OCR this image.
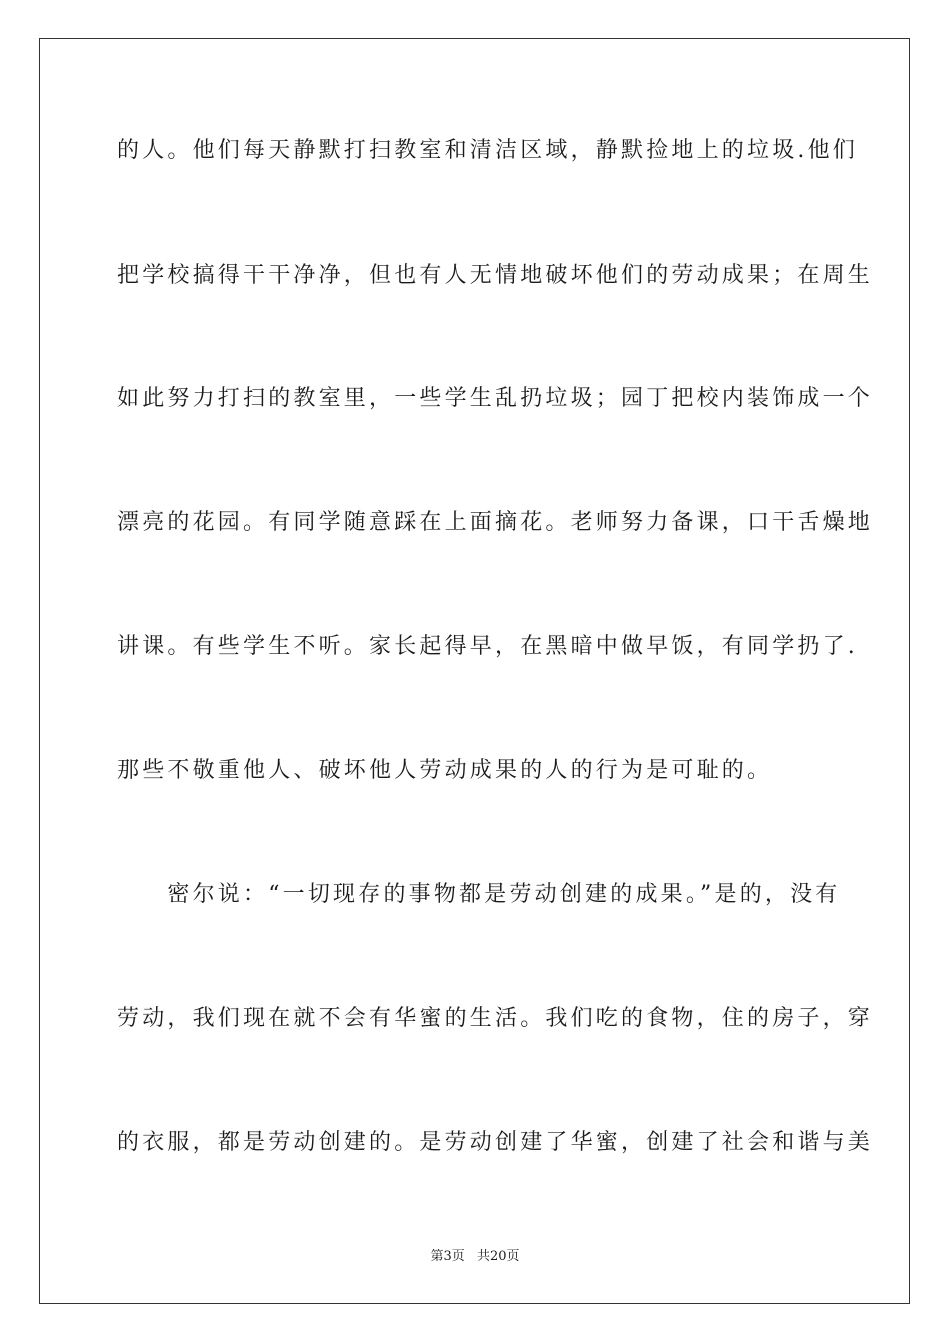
的人。他们每天静默打扫教室和清洁区域，静默捡地上的垃圾.他们
把学校搞得干干净净，但也有人无情地破坏他们的劳动成果；在周生
如此努力打扫的教室里，一些学生乱扔垃圾；园丁把校内装饰成一个
漂亮的花园。有同学随意踩在上面摘花。老师努力备课，口干舌燥地
讲课。有些学生不听。家长起得早，在黑暗中做早饭，有同学扔了.
那些不敬重他人、破坏他人劳动成果的人的行为是可耻的。
　　密尔说：“一切现存的事物都是劳动创建的成果。”是的，没有
劳动，我们现在就不会有华蜜的生活。我们吃的食物，住的房子，穿
的衣服，都是劳动创建的。是劳动创建了华蜜，创建了社会和谐与美
第3页 共20页
